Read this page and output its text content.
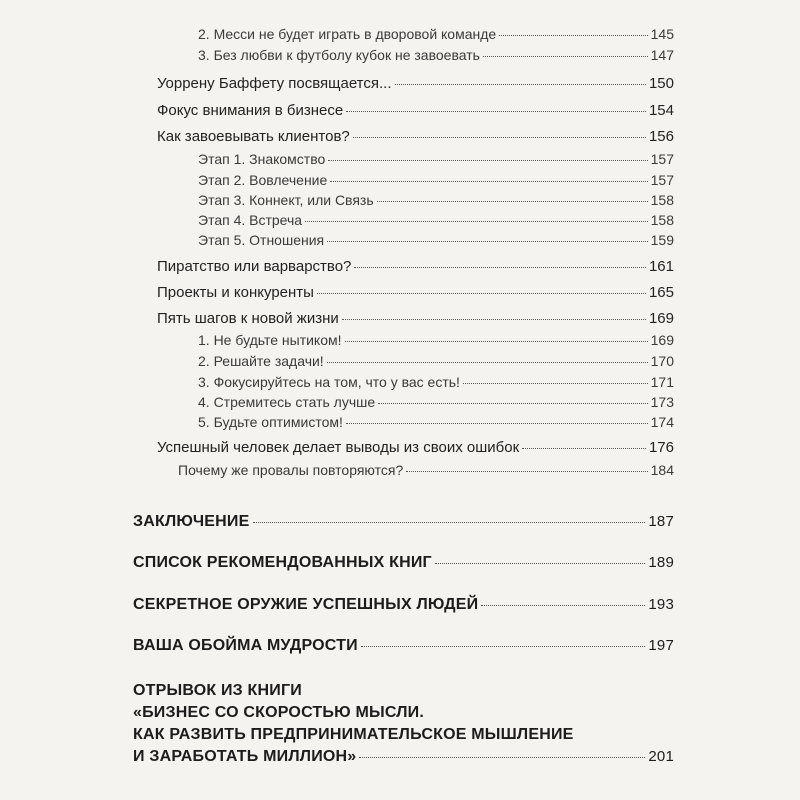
2. Месси не будет играть в дворовой команде	145
3. Без любви к футболу кубок не завоевать	147
Уоррену Баффету посвящается...	150
Фокус внимания в бизнесе	154
Как завоевывать клиентов?	156
Этап 1. Знакомство	157
Этап 2. Вовлечение	157
Этап 3. Коннект, или Связь	158
Этап 4. Встреча	158
Этап 5. Отношения	159
Пиратство или варварство?	161
Проекты и конкуренты	165
Пять шагов к новой жизни	169
1. Не будьте нытиком!	169
2. Решайте задачи!	170
3. Фокусируйтесь на том, что у вас есть!	171
4. Стремитесь стать лучше	173
5. Будьте оптимистом!	174
Успешный человек делает выводы из своих ошибок	176
Почему же провалы повторяются?	184
ЗАКЛЮЧЕНИЕ	187
СПИСОК РЕКОМЕНДОВАННЫХ КНИГ	189
СЕКРЕТНОЕ ОРУЖИЕ УСПЕШНЫХ ЛЮДЕЙ	193
ВАША ОБОЙМА МУДРОСТИ	197
ОТРЫВОК ИЗ КНИГИ
«БИЗНЕС СО СКОРОСТЬЮ МЫСЛИ.
КАК РАЗВИТЬ ПРЕДПРИНИМАТЕЛЬСКОЕ МЫШЛЕНИЕ
И ЗАРАБОТАТЬ МИЛЛИОН»	201
